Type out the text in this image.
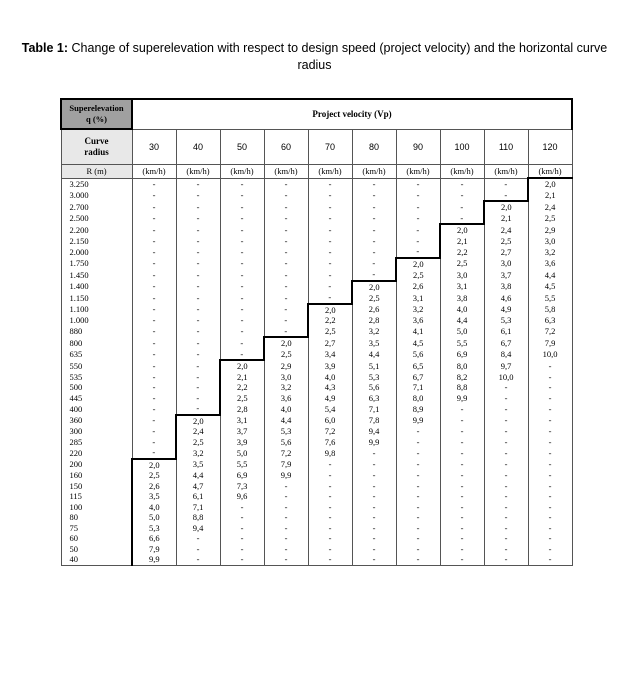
Table 1: Change of superelevation with respect to design speed (project velocity) and the horizontal curve radius
Superelevation
q (%)	Project velocity (Vp)									

Curve
radius	30	40	50	60	70	80	90	100	110	120
R (m)	(km/h)	(km/h)	(km/h)	(km/h)	(km/h)	(km/h)	(km/h)	(km/h)	(km/h)	(km/h)
3.250	-	-	-	-	-	-	-	-	-	2,0
3.000	-	-	-	-	-	-	-	-	-	2,1
2.700	-	-	-	-	-	-	-	-	2,0	2,4
2.500	-	-	-	-	-	-	-	-	2,1	2,5
2.200	-	-	-	-	-	-	-	2,0	2,4	2,9
2.150	-	-	-	-	-	-	-	2,1	2,5	3,0
2.000	-	-	-	-	-	-	-	2,2	2,7	3,2
1.750	-	-	-	-	-	-	2,0	2,5	3,0	3,6
1.450	-	-	-	-	-	-	2,5	3,0	3,7	4,4
1.400	-	-	-	-	-	2,0	2,6	3,1	3,8	4,5
1.150	-	-	-	-	-	2,5	3,1	3,8	4,6	5,5
1.100	-	-	-	-	2,0	2,6	3,2	4,0	4,9	5,8
1.000	-	-	-	-	2,2	2,8	3,6	4,4	5,3	6,3
880	-	-	-	-	2,5	3,2	4,1	5,0	6,1	7,2
800	-	-	-	2,0	2,7	3,5	4,5	5,5	6,7	7,9
635	-	-	-	2,5	3,4	4,4	5,6	6,9	8,4	10,0
550	-	-	2,0	2,9	3,9	5,1	6,5	8,0	9,7	-
535	-	-	2,1	3,0	4,0	5,3	6,7	8,2	10,0	-
500	-	-	2,2	3,2	4,3	5,6	7,1	8,8	-	-
445	-	-	2,5	3,6	4,9	6,3	8,0	9,9	-	-
400	-	-	2,8	4,0	5,4	7,1	8,9	-	-	-
360	-	2,0	3,1	4,4	6,0	7,8	9,9	-	-	-
300	-	2,4	3,7	5,3	7,2	9,4	-	-	-	-
285	-	2,5	3,9	5,6	7,6	9,9	-	-	-	-
220	-	3,2	5,0	7,2	9,8	-	-	-	-	-
200	2,0	3,5	5,5	7,9	-	-	-	-	-	-
160	2,5	4,4	6,9	9,9	-	-	-	-	-	-
150	2,6	4,7	7,3	-	-	-	-	-	-	-
115	3,5	6,1	9,6	-	-	-	-	-	-	-
100	4,0	7,1	-	-	-	-	-	-	-	-
80	5,0	8,8	-	-	-	-	-	-	-	-
75	5,3	9,4	-	-	-	-	-	-	-	-
60	6,6	-	-	-	-	-	-	-	-	-
50	7,9	-	-	-	-	-	-	-	-	-
40	9,9	-	-	-	-	-	-	-	-	-
